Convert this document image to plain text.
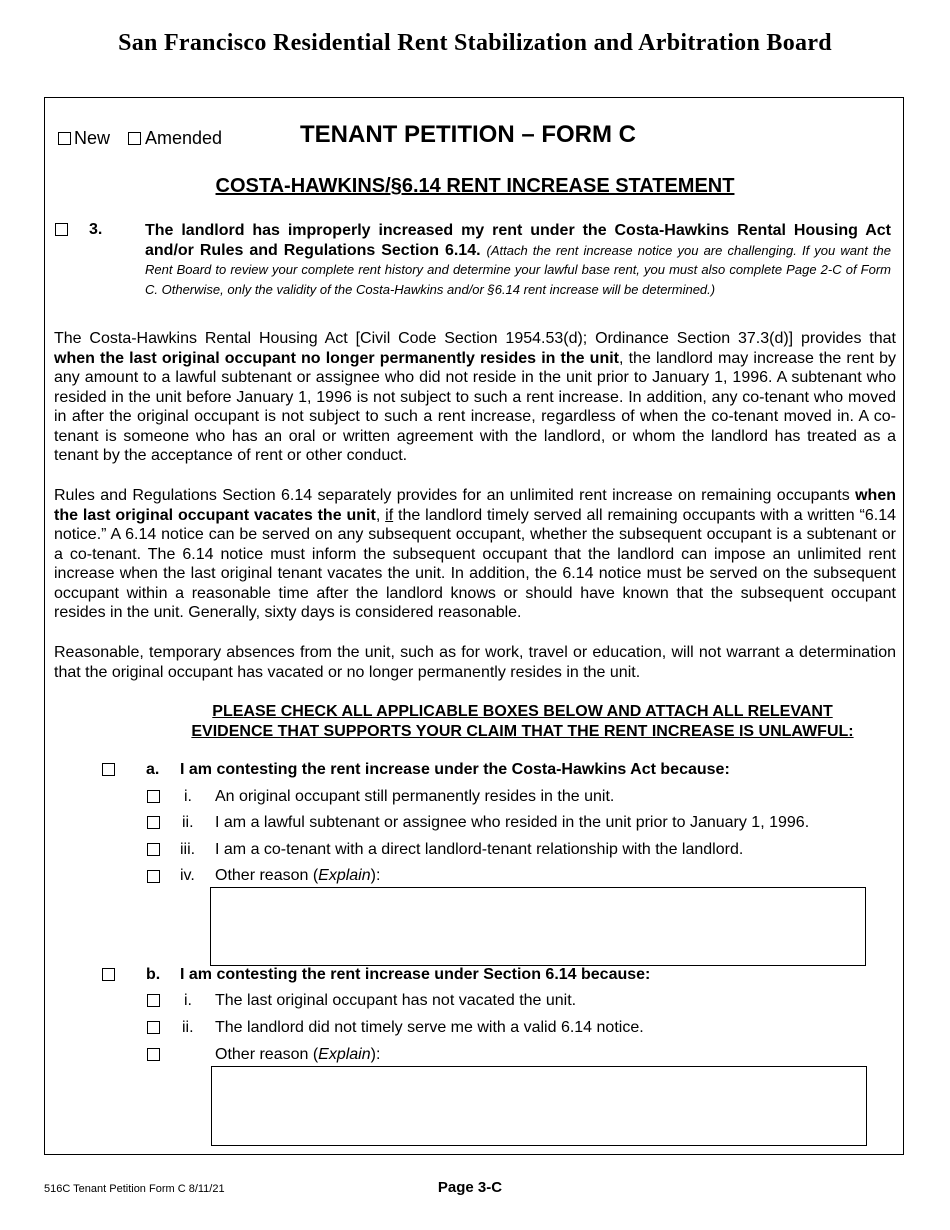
San Francisco Residential Rent Stabilization and Arbitration Board
New Amended	TENANT PETITION – FORM C
COSTA-HAWKINS/§6.14 RENT INCREASE STATEMENT
3.	The landlord has improperly increased my rent under the Costa-Hawkins Rental Housing Act and/or Rules and Regulations Section 6.14. (Attach the rent increase notice you are challenging. If you want the Rent Board to review your complete rent history and determine your lawful base rent, you must also complete Page 2-C of Form C. Otherwise, only the validity of the Costa-Hawkins and/or §6.14 rent increase will be determined.)
The Costa-Hawkins Rental Housing Act [Civil Code Section 1954.53(d); Ordinance Section 37.3(d)] provides that when the last original occupant no longer permanently resides in the unit, the landlord may increase the rent by any amount to a lawful subtenant or assignee who did not reside in the unit prior to January 1, 1996. A subtenant who resided in the unit before January 1, 1996 is not subject to such a rent increase. In addition, any co-tenant who moved in after the original occupant is not subject to such a rent increase, regardless of when the co-tenant moved in. A co-tenant is someone who has an oral or written agreement with the landlord, or whom the landlord has treated as a tenant by the acceptance of rent or other conduct.
Rules and Regulations Section 6.14 separately provides for an unlimited rent increase on remaining occupants when the last original occupant vacates the unit, if the landlord timely served all remaining occupants with a written “6.14 notice.” A 6.14 notice can be served on any subsequent occupant, whether the subsequent occupant is a subtenant or a co-tenant. The 6.14 notice must inform the subsequent occupant that the landlord can impose an unlimited rent increase when the last original tenant vacates the unit. In addition, the 6.14 notice must be served on the subsequent occupant within a reasonable time after the landlord knows or should have known that the subsequent occupant resides in the unit. Generally, sixty days is considered reasonable.
Reasonable, temporary absences from the unit, such as for work, travel or education, will not warrant a determination that the original occupant has vacated or no longer permanently resides in the unit.
PLEASE CHECK ALL APPLICABLE BOXES BELOW AND ATTACH ALL RELEVANT
EVIDENCE THAT SUPPORTS YOUR CLAIM THAT THE RENT INCREASE IS UNLAWFUL:
a. I am contesting the rent increase under the Costa-Hawkins Act because:
i. An original occupant still permanently resides in the unit.
ii. I am a lawful subtenant or assignee who resided in the unit prior to January 1, 1996.
iii. I am a co-tenant with a direct landlord-tenant relationship with the landlord.
iv. Other reason (Explain):
b. I am contesting the rent increase under Section 6.14 because:
i. The last original occupant has not vacated the unit.
ii. The landlord did not timely serve me with a valid 6.14 notice.
Other reason (Explain):
516C Tenant Petition Form C 8/11/21	Page 3-C
